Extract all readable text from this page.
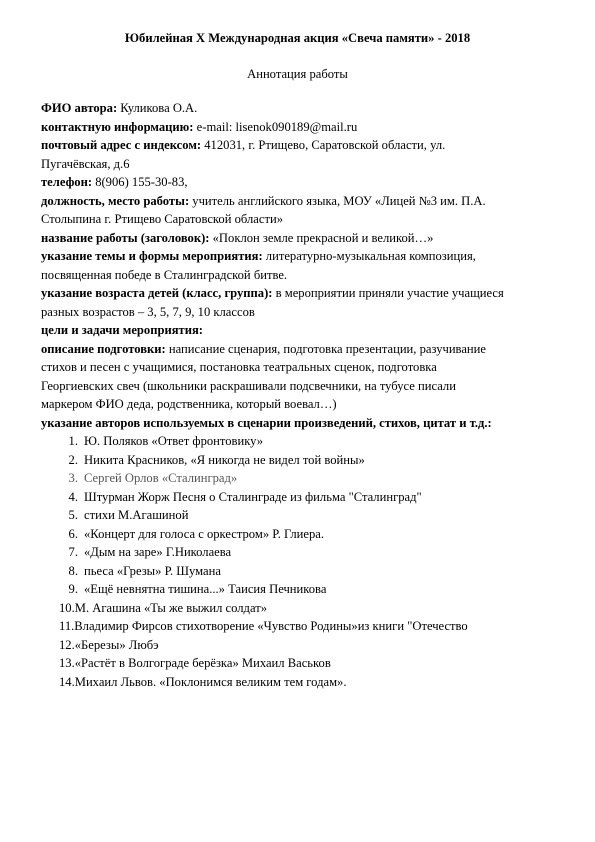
Юбилейная Х Международная акция «Свеча памяти» - 2018
Аннотация работы
ФИО автора: Куликова О.А.
контактную информацию: e-mail: lisenok090189@mail.ru
почтовый адрес с индексом: 412031, г. Ртищево, Саратовской области, ул.
Пугачёвская, д.6
телефон: 8(906) 155-30-83,
должность, место работы: учитель английского языка, МОУ «Лицей №3 им. П.А.
Столыпина г. Ртищево Саратовской области»
название работы (заголовок): «Поклон земле прекрасной и великой…»
указание темы и формы мероприятия: литературно-музыкальная композиция,
посвященная победе в Сталинградской битве.
указание возраста детей (класс, группа): в мероприятии приняли участие учащиеся
разных возрастов – 3, 5, 7, 9, 10 классов
цели и задачи мероприятия:
описание подготовки: написание сценария, подготовка презентации, разучивание
стихов и песен с учащимися, постановка театральных сценок, подготовка
Георгиевских свеч (школьники раскрашивали подсвечники, на тубусе писали
маркером ФИО деда, родственника, который воевал…)
указание авторов используемых в сценарии произведений, стихов, цитат и т.д.:
1. Ю. Поляков «Ответ фронтовику»
2. Никита Красников, «Я никогда не видел той войны»
3. Сергей Орлов «Сталинград»
4. Штурман Жорж Песня о Сталинграде из фильма "Сталинград"
5. стихи М.Агашиной
6. «Концерт для голоса с оркестром» Р. Глиера.
7. «Дым на заре» Г.Николаева
8. пьеса «Грезы» Р. Шумана
9. «Ещё невнятна тишина...» Таисия Печникова
10.М. Агашина «Ты же выжил солдат»
11.Владимир Фирсов стихотворение «Чувство Родины»из книги "Отечество
12.«Березы» Любэ
13.«Растёт в Волгограде берёзка» Михаил Васьков
14.Михаил Львов. «Поклонимся великим тем годам».
